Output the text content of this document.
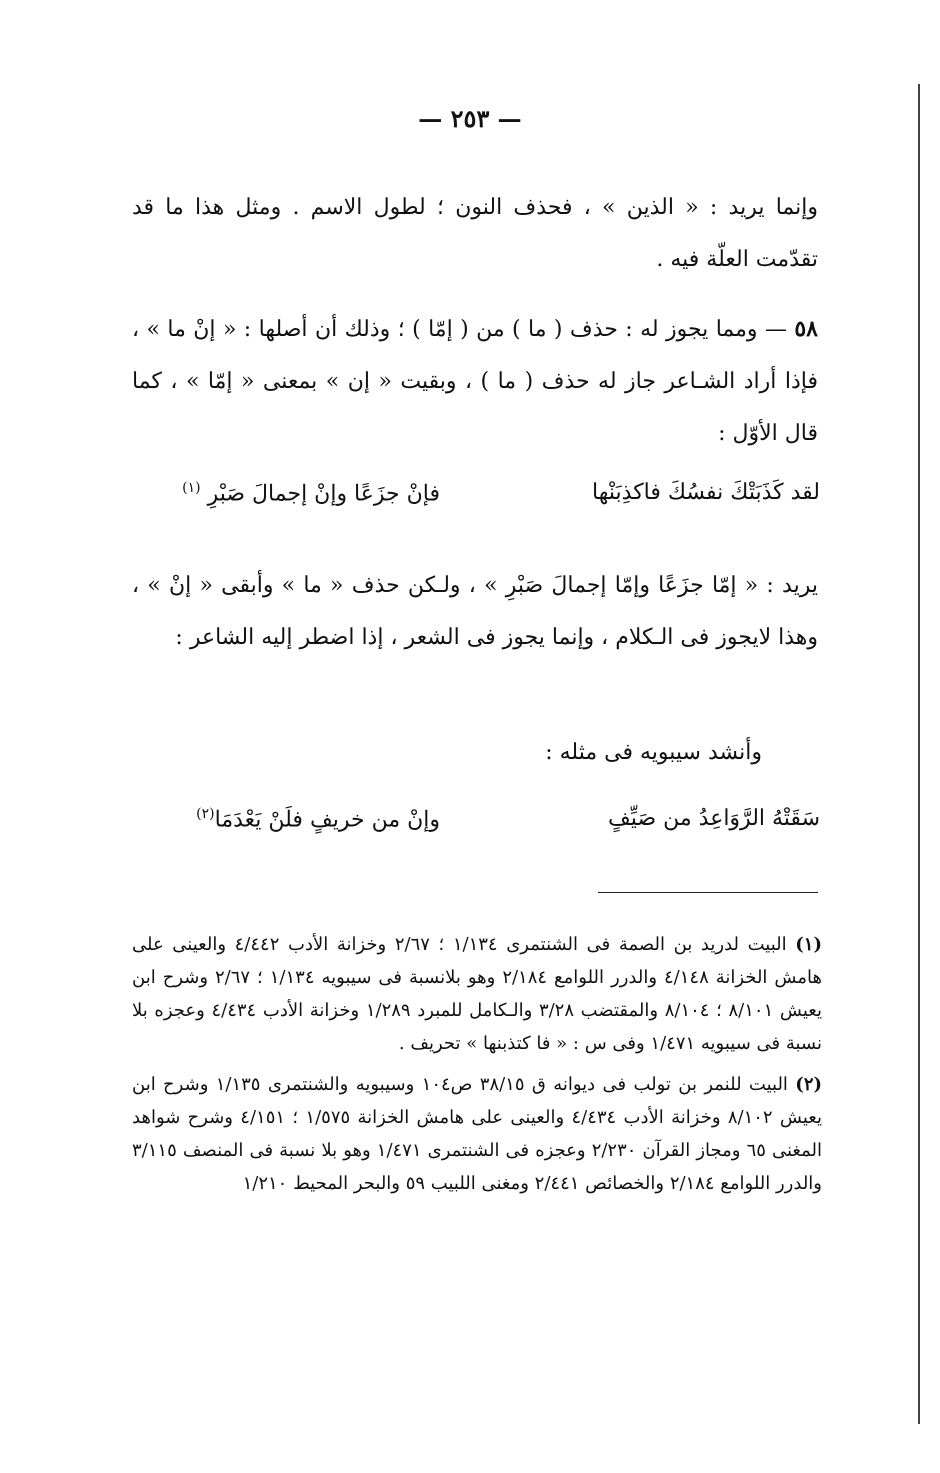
— ٢٥٣ —
وإنما يريد : « الذين » ، فحذف النون ؛ لطول الاسم . ومثل هذا ما قد تقدّمت العلّة فيه .
٥٨ — ومما يجوز له : حذف ( ما ) من ( إمّا ) ؛ وذلك أن أصلها : « إنْ ما » ، فإذا أراد الشـاعر جاز له حذف ( ما ) ، وبقيت « إن » بمعنى « إمّا » ، كما قال الأوّل :
لقد كَذَبَتْكَ نفسُكَ فاكذِبَنْها
فإنْ جزَعًا وإنْ إجمالَ صَبْرِ $^{(١)}$
يريد : « إمّا جزَعًا وإمّا إجمالَ صَبْرِ » ، ولـكن حذف « ما » وأبقى « إنْ » ، وهذا لايجوز فى الـكلام ، وإنما يجوز فى الشعر ، إذا اضطر إليه الشاعر :
وأنشد سيبويه فى مثله :
سَقَتْهُ الرَّوَاعِدُ من صَيِّفٍ
وإنْ من خريفٍ فلَنْ يَعْدَمَا$^{(٢)}$

(١) البيت لدريد بن الصمة فى الشنتمرى ١/١٣٤ ؛ ٢/٦٧ وخزانة الأدب ٤/٤٤٢ والعينى على هامش الخزانة ٤/١٤٨ والدرر اللوامع ٢/١٨٤ وهو بلانسبة فى سيبويه ١/١٣٤ ؛ ٢/٦٧ وشرح ابن يعيش ٨/١٠١ ؛ ٨/١٠٤ والمقتضب ٣/٢٨ والـكامل للمبرد ١/٢٨٩ وخزانة الأدب ٤/٤٣٤ وعجزه بلا نسبة فى سيبويه ١/٤٧١ وفى س : « فا كتذبنها » تحريف .

(٢) البيت للنمر بن تولب فى ديوانه ق ٣٨/١٥ ص١٠٤ وسيبويه والشنتمرى ١/١٣٥ وشرح ابن يعيش ٨/١٠٢ وخزانة الأدب ٤/٤٣٤ والعينى على هامش الخزانة ١/٥٧٥ ؛ ٤/١٥١ وشرح شواهد المغنى ٦٥ ومجاز القرآن ٢/٢٣٠ وعجزه فى الشنتمرى ١/٤٧١ وهو بلا نسبة فى المنصف ٣/١١٥ والدرر اللوامع ٢/١٨٤ والخصائص ٢/٤٤١ ومغنى اللبيب ٥٩ والبحر المحيط ١/٢١٠
